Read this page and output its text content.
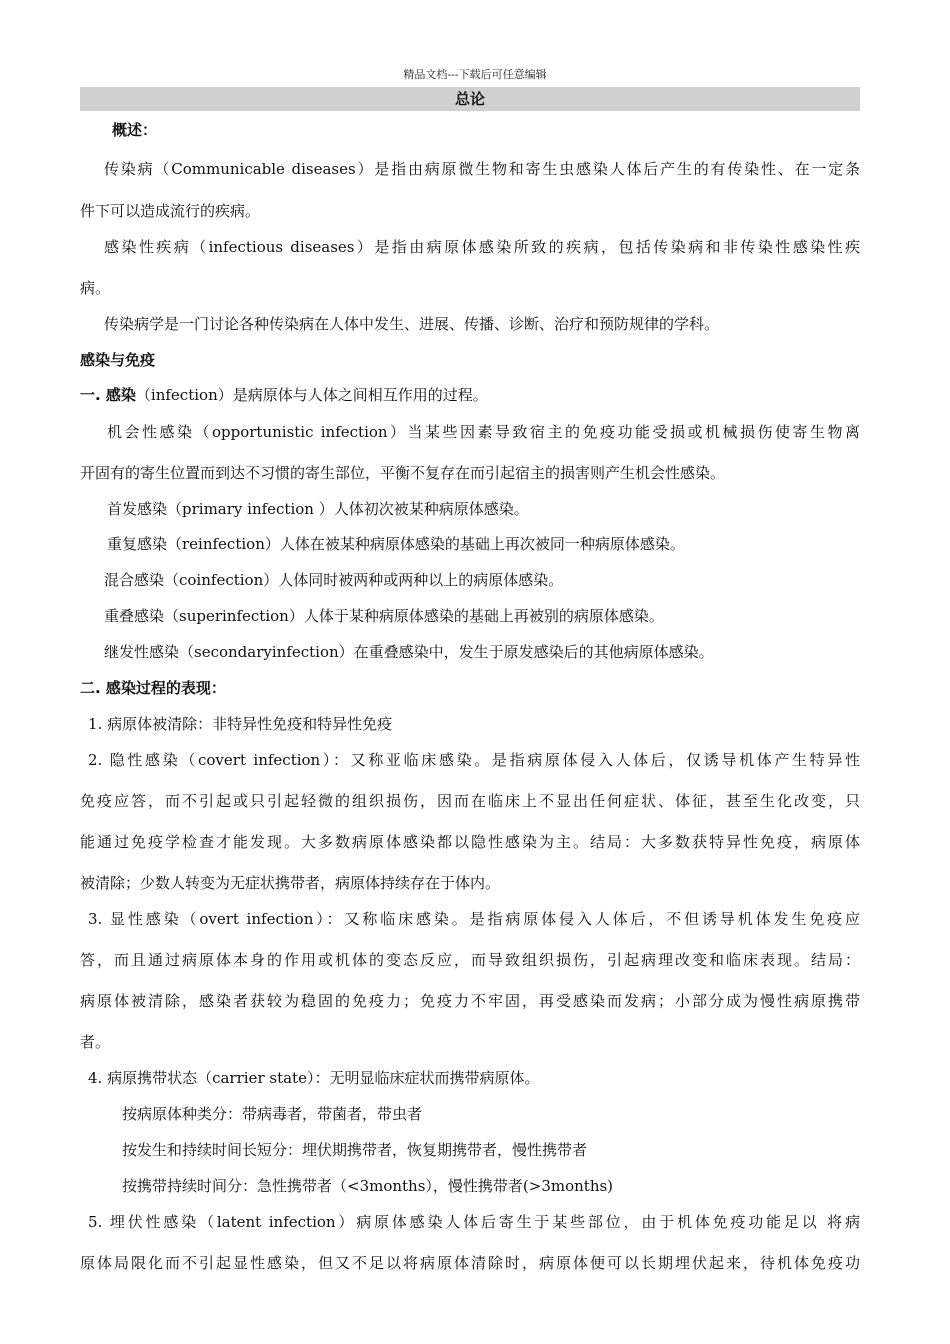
精品文档---下载后可任意编辑
总论
概述：
传染病（Communicable diseases）是指由病原微生物和寄生虫感染人体后产生的有传染性、在一定条
件下可以造成流行的疾病。
感染性疾病（infectious diseases）是指由病原体感染所致的疾病，包括传染病和非传染性感染性疾
病。
传染病学是一门讨论各种传染病在人体中发生、进展、传播、诊断、治疗和预防规律的学科。
感染与免疫
一. 感染（infection）是病原体与人体之间相互作用的过程。
机会性感染（opportunistic infection）当某些因素导致宿主的免疫功能受损或机械损伤使寄生物离
开固有的寄生位置而到达不习惯的寄生部位，平衡不复存在而引起宿主的损害则产生机会性感染。
首发感染（primary infection ）人体初次被某种病原体感染。
重复感染（reinfection）人体在被某种病原体感染的基础上再次被同一种病原体感染。
混合感染（coinfection）人体同时被两种或两种以上的病原体感染。
重叠感染（superinfection）人体于某种病原体感染的基础上再被别的病原体感染。
继发性感染（secondaryinfection）在重叠感染中，发生于原发感染后的其他病原体感染。
二. 感染过程的表现：
1. 病原体被清除：非特异性免疫和特异性免疫
2. 隐性感染（covert infection）：又称亚临床感染。是指病原体侵入人体后，仅诱导机体产生特异性
免疫应答，而不引起或只引起轻微的组织损伤，因而在临床上不显出任何症状、体征，甚至生化改变，只
能通过免疫学检查才能发现。大多数病原体感染都以隐性感染为主。结局：大多数获特异性免疫，病原体
被清除；少数人转变为无症状携带者，病原体持续存在于体内。
3. 显性感染（overt infection）：又称临床感染。是指病原体侵入人体后，不但诱导机体发生免疫应
答，而且通过病原体本身的作用或机体的变态反应，而导致组织损伤，引起病理改变和临床表现。结局：
病原体被清除，感染者获较为稳固的免疫力；免疫力不牢固，再受感染而发病；小部分成为慢性病原携带
者。
4. 病原携带状态（carrier state）：无明显临床症状而携带病原体。
按病原体种类分：带病毒者，带菌者，带虫者
按发生和持续时间长短分：埋伏期携带者，恢复期携带者，慢性携带者
按携带持续时间分：急性携带者（<3months），慢性携带者(>3months)
5. 埋伏性感染（latent infection）病原体感染人体后寄生于某些部位，由于机体免疫功能足以 将病
原体局限化而不引起显性感染，但又不足以将病原体清除时，病原体便可以长期埋伏起来，待机体免疫功
